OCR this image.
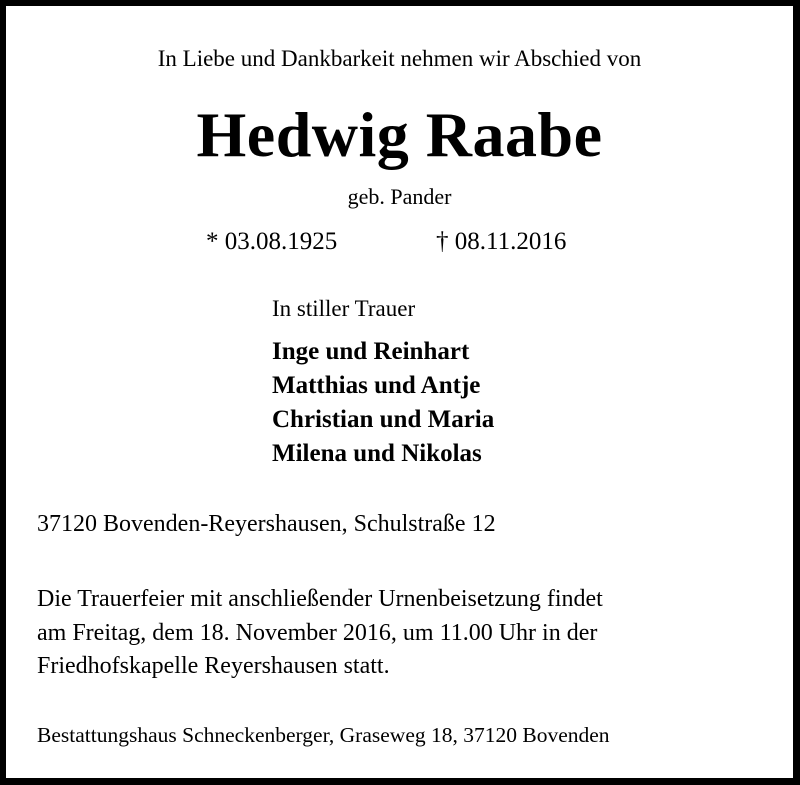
In Liebe und Dankbarkeit nehmen wir Abschied von
Hedwig Raabe
geb. Pander
* 03.08.1925	† 08.11.2016
In stiller Trauer
Inge und Reinhart
Matthias und Antje
Christian und Maria
Milena und Nikolas
37120 Bovenden-Reyershausen, Schulstraße 12
Die Trauerfeier mit anschließender Urnenbeisetzung findet
am Freitag, dem 18. November 2016, um 11.00 Uhr in der
Friedhofskapelle Reyershausen statt.
Bestattungshaus Schneckenberger, Graseweg 18, 37120 Bovenden
